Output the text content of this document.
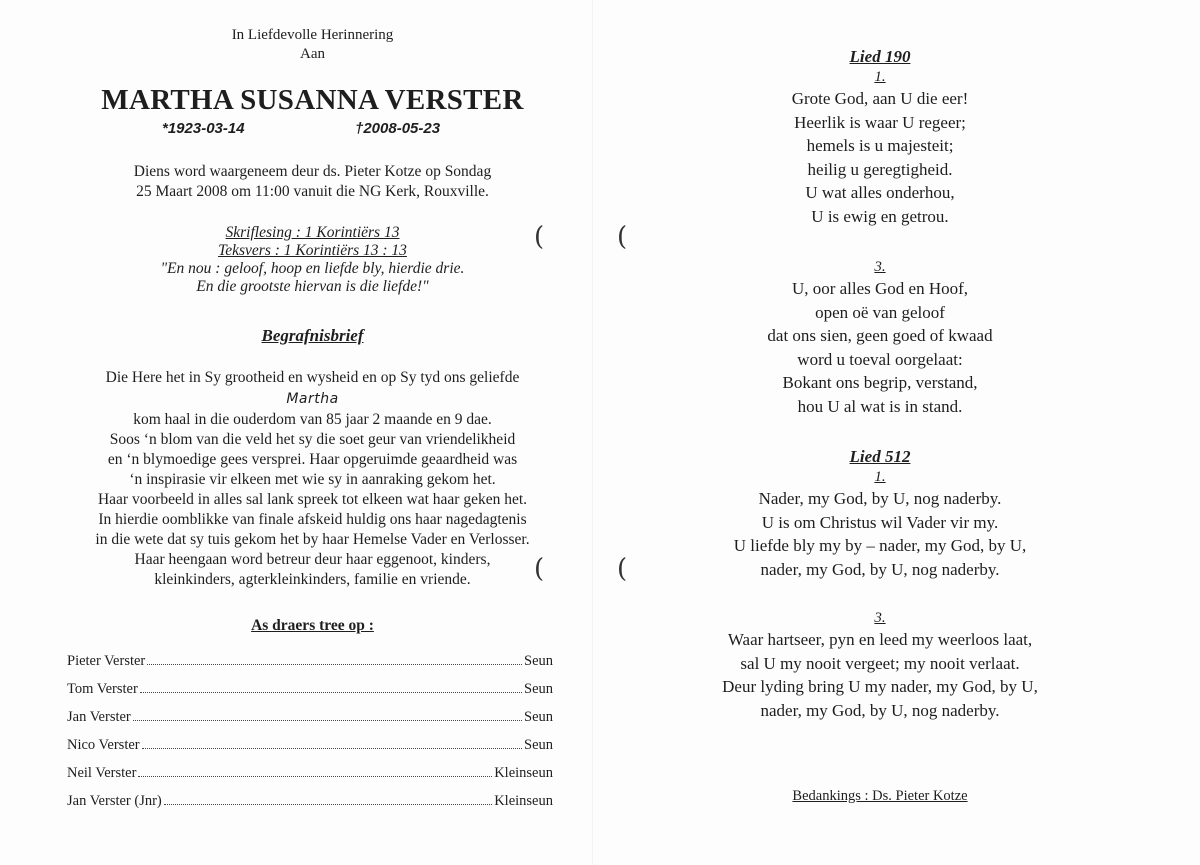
In Liefdevolle Herinnering
Aan
MARTHA SUSANNA VERSTER
*1923-03-14	†2008-05-23
Diens word waargeneem deur ds. Pieter Kotze op Sondag
25 Maart 2008 om 11:00 vanuit die NG Kerk, Rouxville.
Skriflesing : 1 Korintiërs 13
Teksvers : 1 Korintiërs 13 : 13
"En nou : geloof, hoop en liefde bly, hierdie drie.
En die grootste hiervan is die liefde!"
Begrafnisbrief
Die Here het in Sy grootheid en wysheid en op Sy tyd ons geliefde
Martha
kom haal in die ouderdom van 85 jaar 2 maande en 9 dae.
Soos ‘n blom van die veld het sy die soet geur van vriendelikheid
en ‘n blymoedige gees versprei. Haar opgeruimde geaardheid was
‘n inspirasie vir elkeen met wie sy in aanraking gekom het.
Haar voorbeeld in alles sal lank spreek tot elkeen wat haar geken het.
In hierdie oomblikke van finale afskeid huldig ons haar nagedagtenis
in die wete dat sy tuis gekom het by haar Hemelse Vader en Verlosser.
Haar heengaan word betreur deur haar eggenoot, kinders,
kleinkinders, agterkleinkinders, familie en vriende.
As draers tree op :
Pieter Verster	Seun
Tom Verster	Seun
Jan Verster	Seun
Nico Verster	Seun
Neil Verster	Kleinseun
Jan Verster (Jnr)	Kleinseun
(	(
(	(
Lied 190
1.
Grote God, aan U die eer!
Heerlik is waar U regeer;
hemels is u majesteit;
heilig u geregtigheid.
U wat alles onderhou,
U is ewig en getrou.
3.
U, oor alles God en Hoof,
open oë van geloof
dat ons sien, geen goed of kwaad
word u toeval oorgelaat:
Bokant ons begrip, verstand,
hou U al wat is in stand.
Lied 512
1.
Nader, my God, by U, nog naderby.
U is om Christus wil Vader vir my.
U liefde bly my by – nader, my God, by U,
nader, my God, by U, nog naderby.
3.
Waar hartseer, pyn en leed my weerloos laat,
sal U my nooit vergeet; my nooit verlaat.
Deur lyding bring U my nader, my God, by U,
nader, my God, by U, nog naderby.
Bedankings : Ds. Pieter Kotze
